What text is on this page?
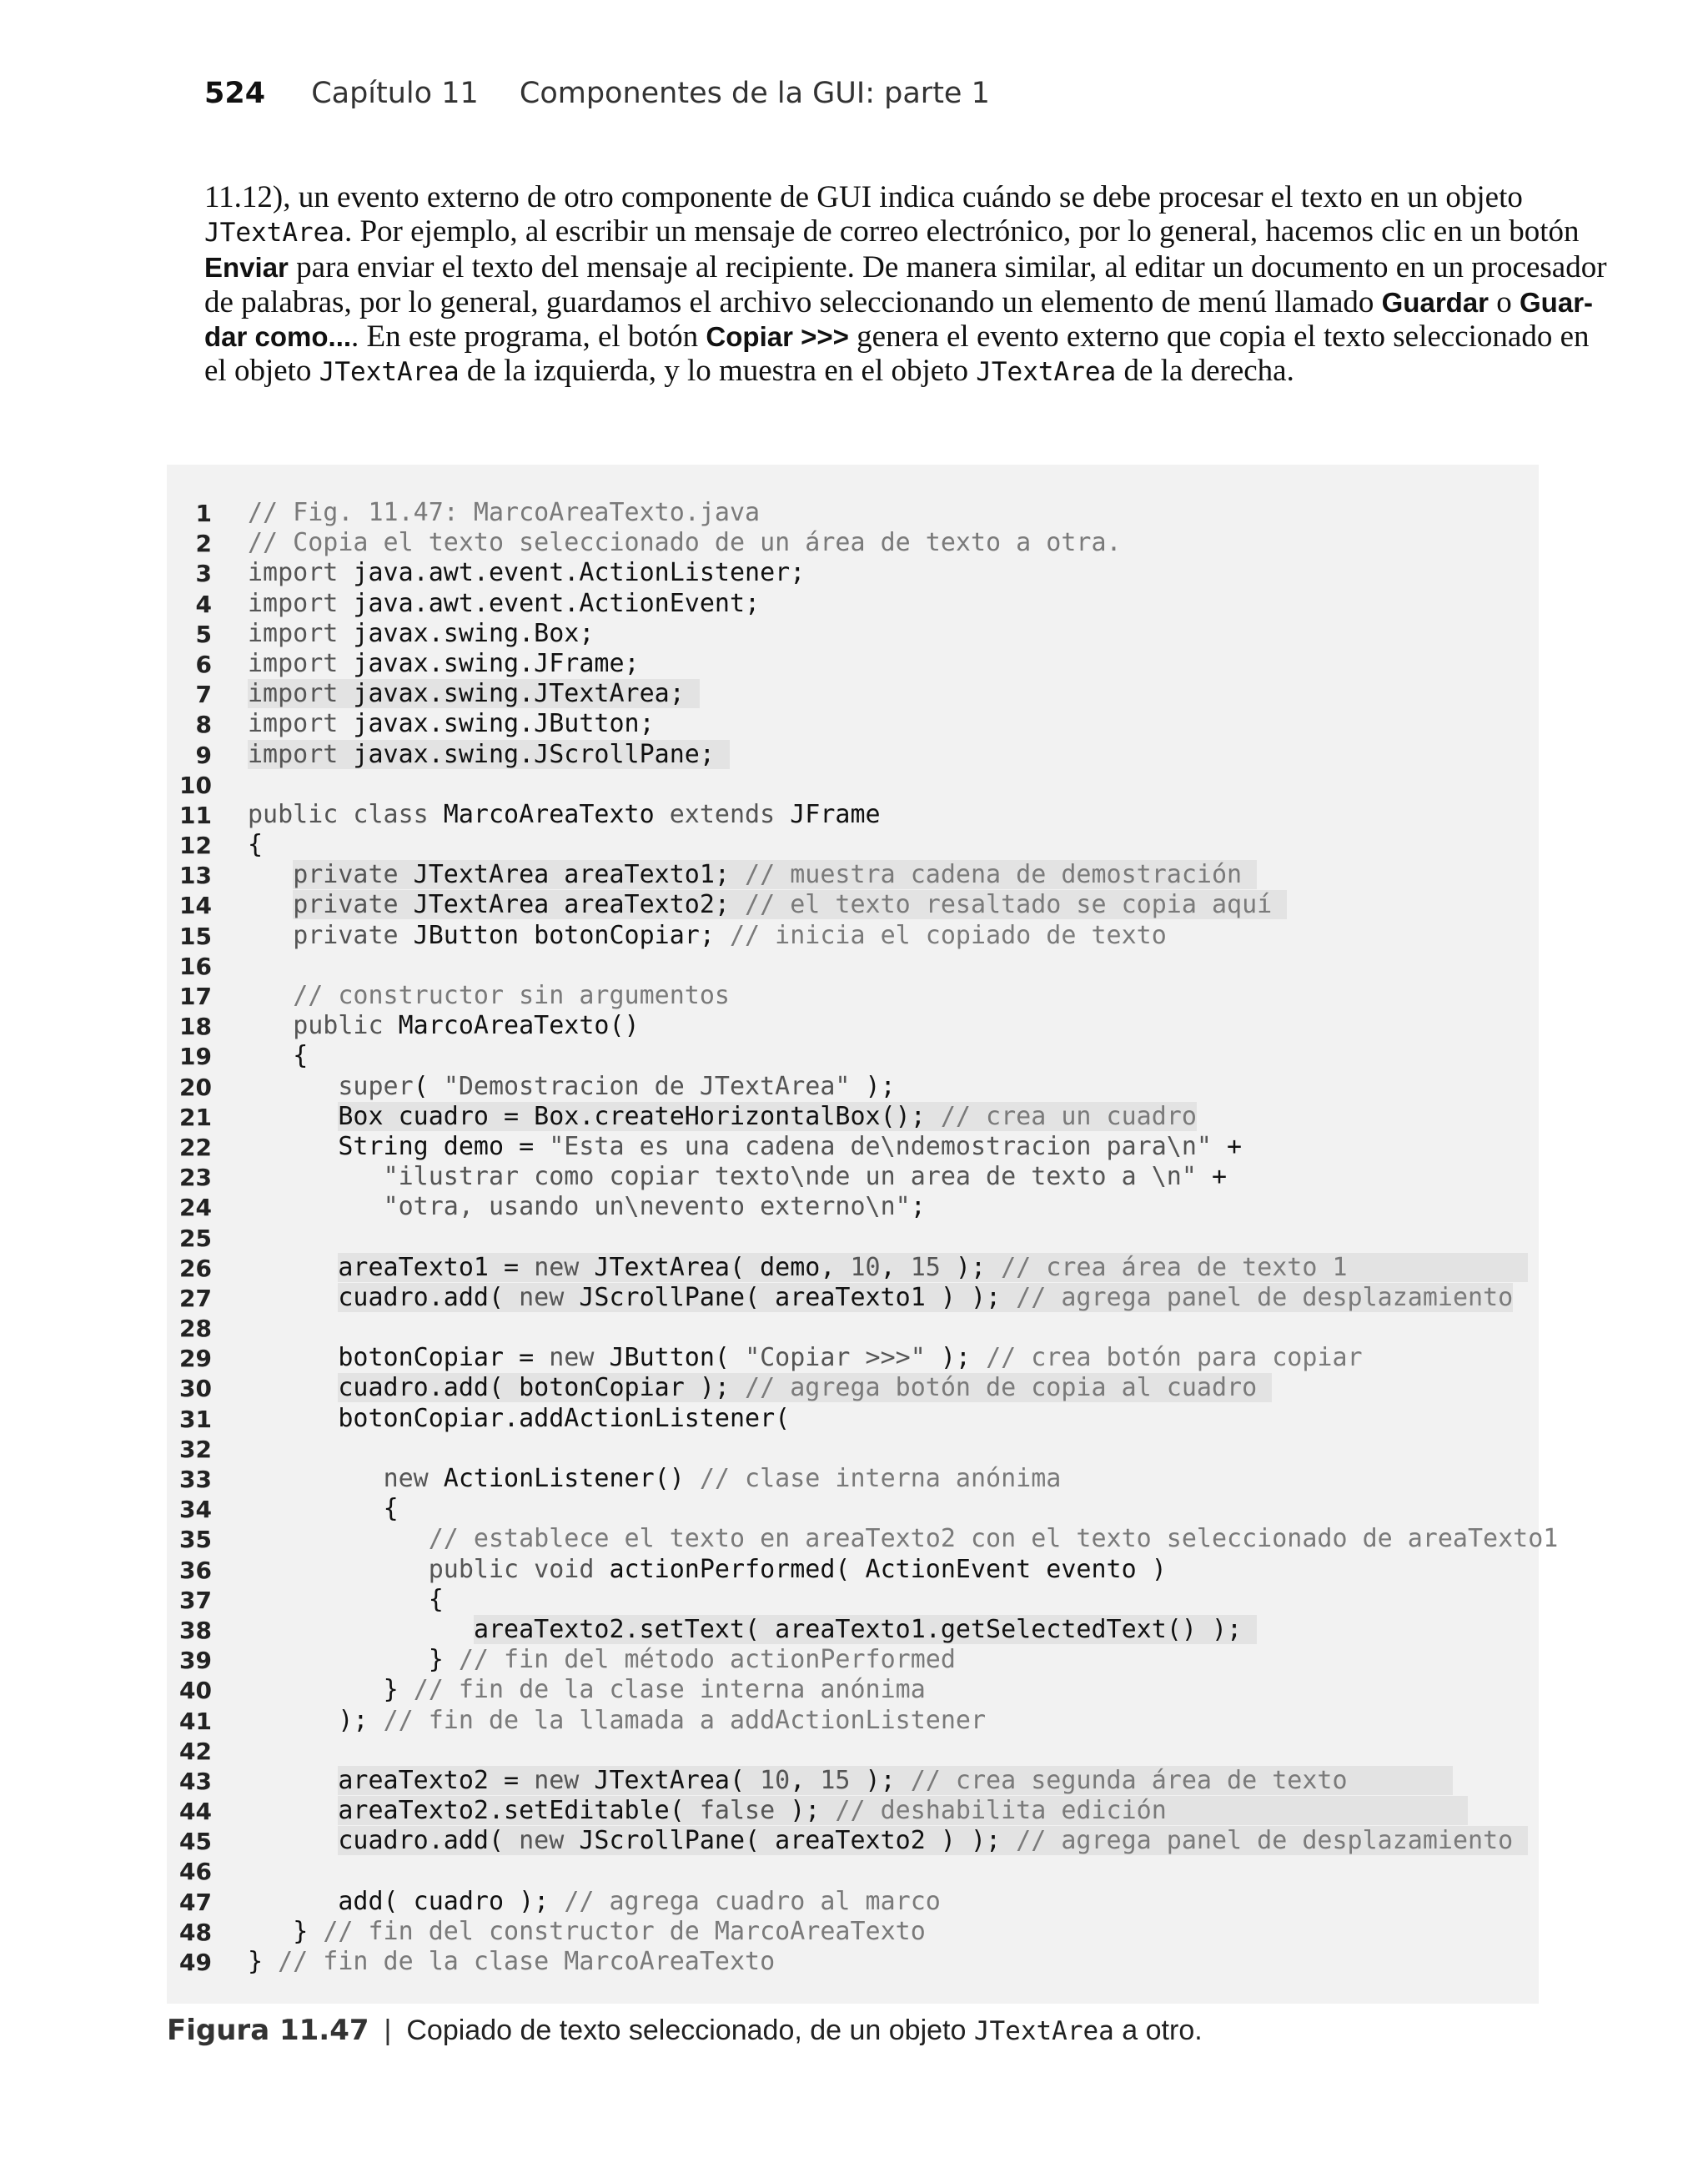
524 Capítulo 11 Componentes de la GUI: parte 1
11.12), un evento externo de otro componente de GUI indica cuándo se debe procesar el texto en un objeto
JTextArea. Por ejemplo, al escribir un mensaje de correo electrónico, por lo general, hacemos clic en un botón
Enviar para enviar el texto del mensaje al recipiente. De manera similar, al editar un documento en un procesador
de palabras, por lo general, guardamos el archivo seleccionando un elemento de menú llamado Guardar o Guar-
dar como.... En este programa, el botón Copiar >>> genera el evento externo que copia el texto seleccionado en
el objeto JTextArea de la izquierda, y lo muestra en el objeto JTextArea de la derecha.
1 // Fig. 11.47: MarcoAreaTexto.java
2 // Copia el texto seleccionado de un área de texto a otra.
3 import java.awt.event.ActionListener;
4 import java.awt.event.ActionEvent;
5 import javax.swing.Box;
6 import javax.swing.JFrame;
7 import javax.swing.JTextArea;
8 import javax.swing.JButton;
9 import javax.swing.JScrollPane;
10
11 public class MarcoAreaTexto extends JFrame
12 {
13	private JTextArea areaTexto1; // muestra cadena de demostración
14	private JTextArea areaTexto2; // el texto resaltado se copia aquí
15	private JButton botonCopiar; // inicia el copiado de texto
16
17	// constructor sin argumentos
18	public MarcoAreaTexto()
19	{
20	super( "Demostracion de JTextArea" );
21	Box cuadro = Box.createHorizontalBox(); // crea un cuadro
22	String demo = "Esta es una cadena de\ndemostracion para\n" +
23	"ilustrar como copiar texto\nde un area de texto a \n" +
24	"otra, usando un\nevento externo\n";
25
26	areaTexto1 = new JTextArea( demo, 10, 15 ); // crea área de texto 1
27	cuadro.add( new JScrollPane( areaTexto1 ) ); // agrega panel de desplazamiento
28
29	botonCopiar = new JButton( "Copiar >>>" ); // crea botón para copiar
30	cuadro.add( botonCopiar ); // agrega botón de copia al cuadro
31	botonCopiar.addActionListener(
32
33	new ActionListener() // clase interna anónima
34	{
35	// establece el texto en areaTexto2 con el texto seleccionado de areaTexto1
36	public void actionPerformed( ActionEvent evento )
37	{
38	areaTexto2.setText( areaTexto1.getSelectedText() );
39	} // fin del método actionPerformed
40	} // fin de la clase interna anónima
41	); // fin de la llamada a addActionListener
42
43	areaTexto2 = new JTextArea( 10, 15 ); // crea segunda área de texto
44	areaTexto2.setEditable( false ); // deshabilita edición
45	cuadro.add( new JScrollPane( areaTexto2 ) ); // agrega panel de desplazamiento
46
47	add( cuadro ); // agrega cuadro al marco
48	} // fin del constructor de MarcoAreaTexto
49 } // fin de la clase MarcoAreaTexto
Figura 11.47 | Copiado de texto seleccionado, de un objeto JTextArea a otro.
